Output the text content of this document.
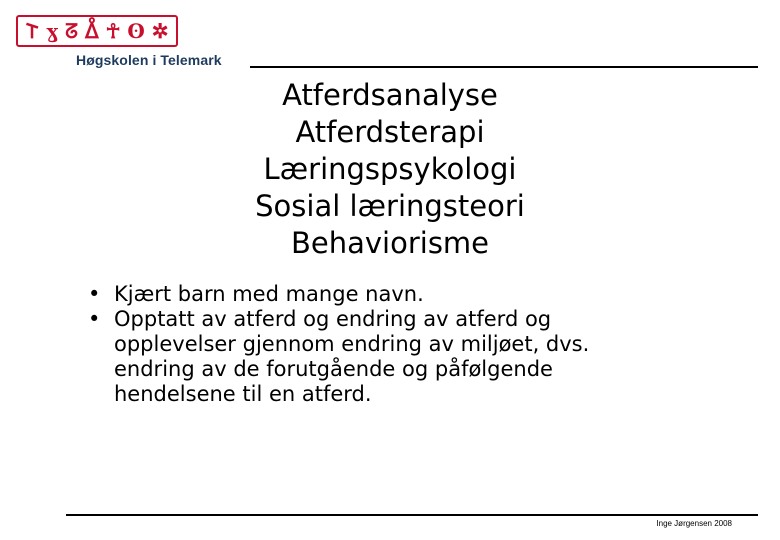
𐌕 ɣ ᘔ ᐂ ☥ ʘ ✲
Høgskolen i Telemark
Atferdsanalyse
Atferdsterapi
Læringspsykologi
Sosial læringsteori
Behaviorisme
• Kjært barn med mange navn.
• Opptatt av atferd og endring av atferd og opplevelser gjennom endring av miljøet, dvs. endring av de forutgående og påfølgende hendelsene til en atferd.
Inge Jørgensen 2008
